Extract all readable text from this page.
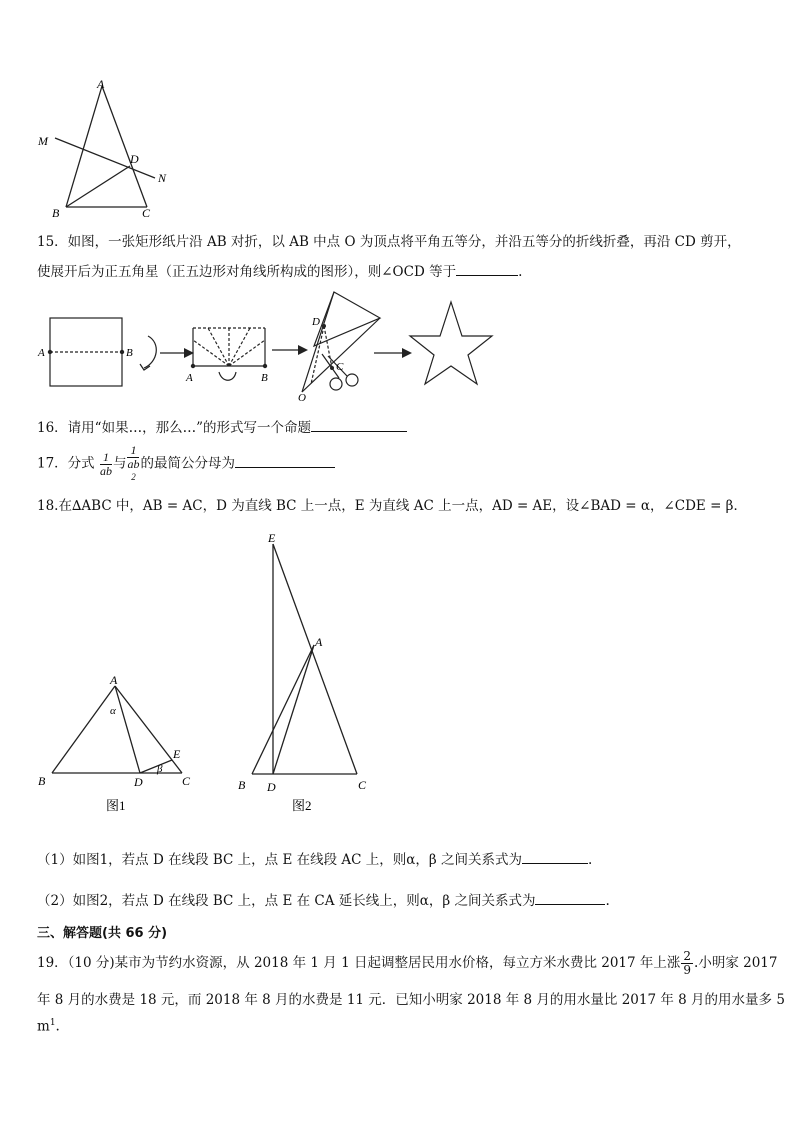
A
B	C
D
M
N
15．如图，一张矩形纸片沿 AB 对折，以 AB 中点 O 为顶点将平角五等分，并沿五等分的折线折叠，再沿 CD 剪开，
使展开后为正五角星（正五边形对角线所构成的图形），则∠OCD 等于	.
A	B
A	B
D
C
O
16．请用“如果…，那么…”的形式写一个命题
17．分式 $\frac{1}{ab}$ 与 1
ab
2 的最简公分母为
18.在∆ABC 中，AB = AC，D 为直线 BC 上一点，E 为直线 AC 上一点，AD = AE，设∠BAD = α，∠CDE = β．
A
B	C
D
E
α
β
图1
E
A
B D	C
图2
（1）如图1，若点 D 在线段 BC 上，点 E 在线段 AC 上，则α，β 之间关系式为	.
（2）如图2，若点 D 在线段 BC 上，点 E 在 CA 延长线上，则α，β 之间关系式为	.
三、解答题(共 66 分)
19．（10 分)某市为节约水资源，从 2018 年 1 月 1 日起调整居民用水价格，每立方米水费比 2017 年上涨 $\frac{2}{9}$ .小明家 2017
年 8 月的水费是 18 元，而 2018 年 8 月的水费是 11 元．已知小明家 2018 年 8 月的用水量比 2017 年 8 月的用水量多 5
$m^1$.
